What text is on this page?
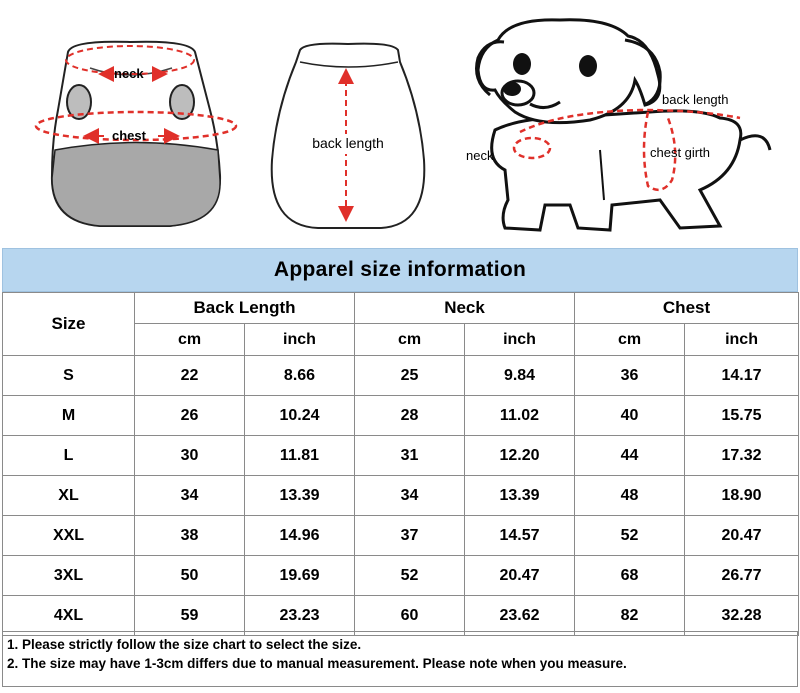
neck
chest	back length
back length
neck	chest girth
Apparel size information
Size	Back Length		Neck		Chest	
	cm	inch	cm	inch	cm	inch
S	22	8.66	25	9.84	36	14.17
M	26	10.24	28	11.02	40	15.75
L	30	11.81	31	12.20	44	17.32
XL	34	13.39	34	13.39	48	18.90
XXL	38	14.96	37	14.57	52	20.47
3XL	50	19.69	52	20.47	68	26.77
4XL	59	23.23	60	23.62	82	32.28
1. Please strictly follow the size chart to select the size.
2. The size may have 1-3cm differs due to manual measurement. Please note when you measure.
